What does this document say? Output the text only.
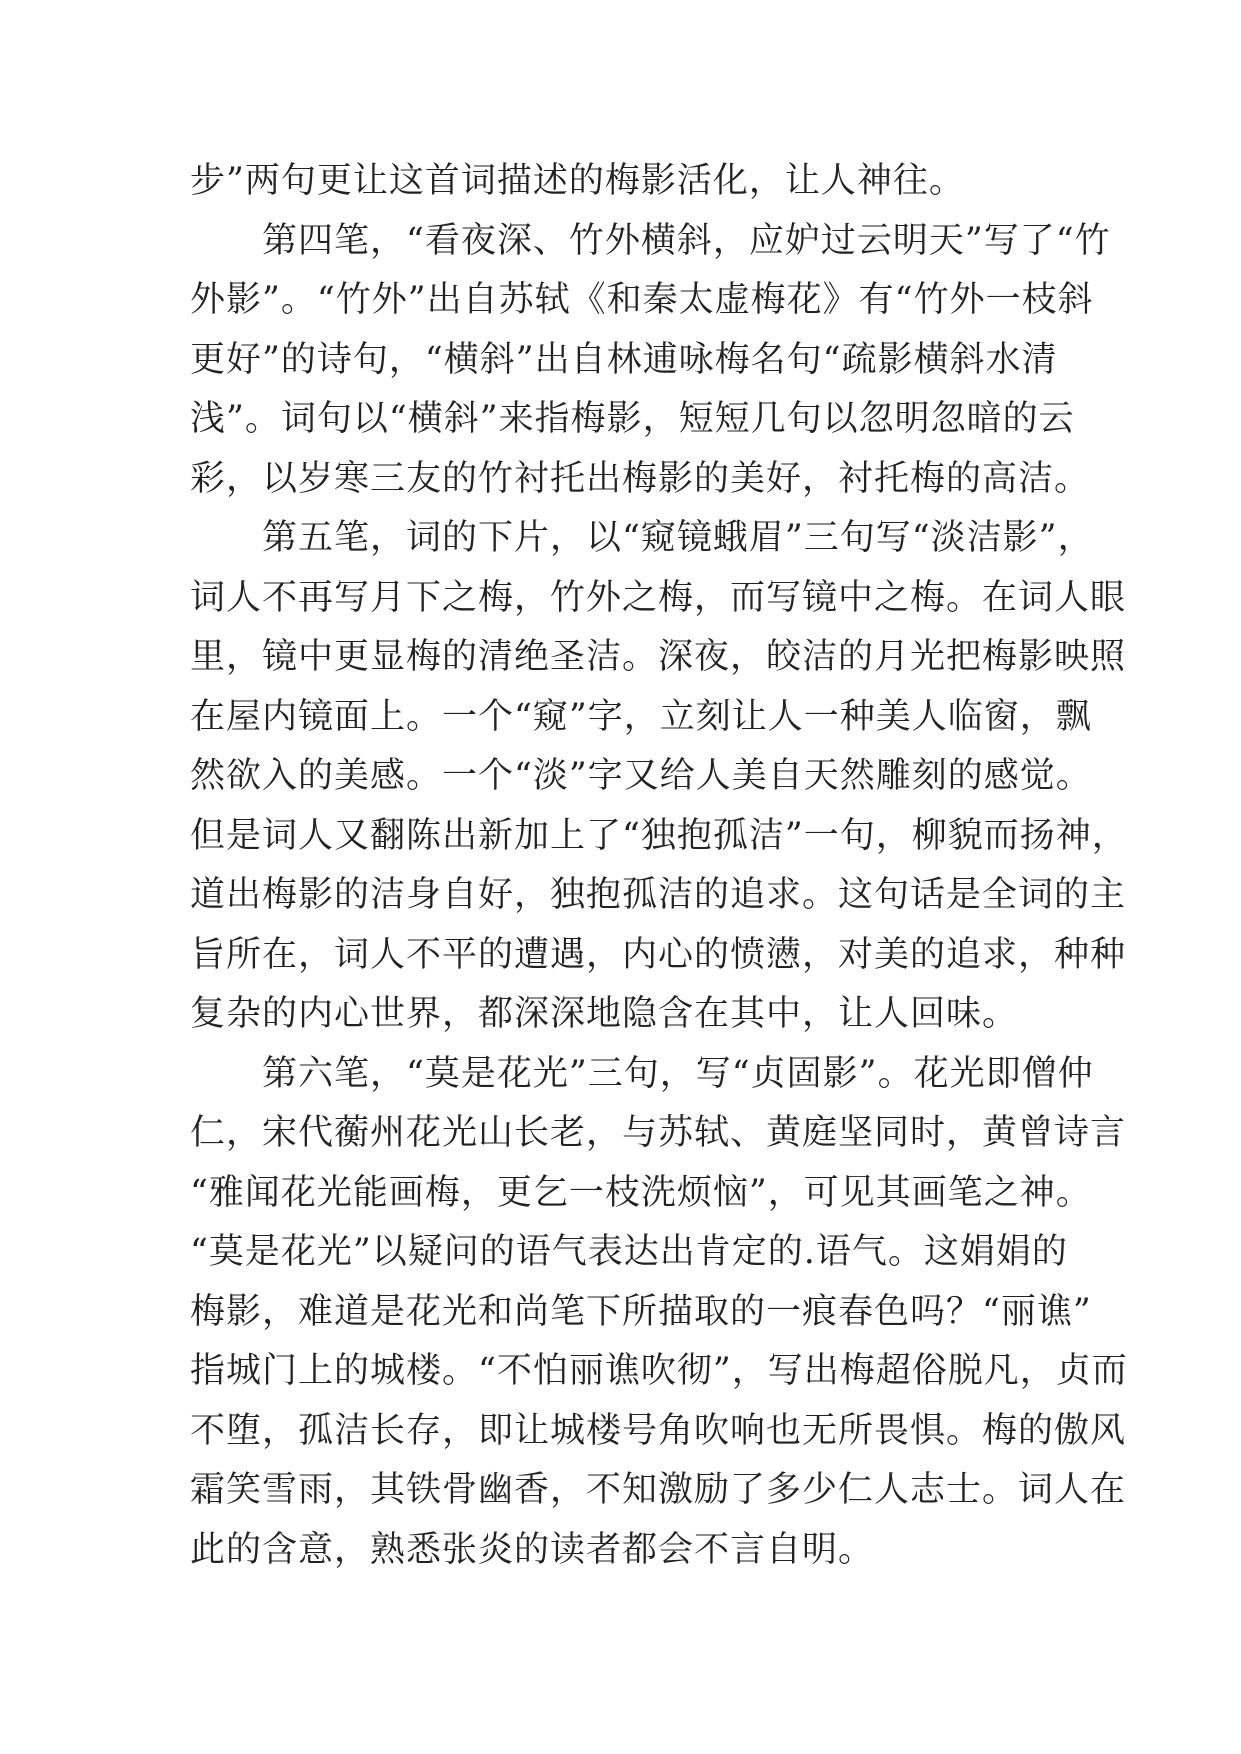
步”两句更让这首词描述的梅影活化，让人神往。
　　第四笔，“看夜深、竹外横斜，应妒过云明天”写了“竹
外影”。“竹外”出自苏轼《和秦太虚梅花》有“竹外一枝斜
更好”的诗句，“横斜”出自林逋咏梅名句“疏影横斜水清
浅”。词句以“横斜”来指梅影，短短几句以忽明忽暗的云
彩，以岁寒三友的竹衬托出梅影的美好，衬托梅的高洁。
　　第五笔，词的下片，以“窥镜蛾眉”三句写“淡洁影”，
词人不再写月下之梅，竹外之梅，而写镜中之梅。在词人眼
里，镜中更显梅的清绝圣洁。深夜，皎洁的月光把梅影映照
在屋内镜面上。一个“窥”字，立刻让人一种美人临窗，飘
然欲入的美感。一个“淡”字又给人美自天然雕刻的感觉。
但是词人又翻陈出新加上了“独抱孤洁”一句，柳貌而扬神，
道出梅影的洁身自好，独抱孤洁的追求。这句话是全词的主
旨所在，词人不平的遭遇，内心的愤懑，对美的追求，种种
复杂的内心世界，都深深地隐含在其中，让人回味。
　　第六笔，“莫是花光”三句，写“贞固影”。花光即僧仲
仁，宋代蘅州花光山长老，与苏轼、黄庭坚同时，黄曾诗言
“雅闻花光能画梅，更乞一枝洗烦恼”，可见其画笔之神。
“莫是花光”以疑问的语气表达出肯定的.语气。这娟娟的
梅影，难道是花光和尚笔下所描取的一痕春色吗？“丽谯”
指城门上的城楼。“不怕丽谯吹彻”，写出梅超俗脱凡，贞而
不堕，孤洁长存，即让城楼号角吹响也无所畏惧。梅的傲风
霜笑雪雨，其铁骨幽香，不知激励了多少仁人志士。词人在
此的含意，熟悉张炎的读者都会不言自明。
